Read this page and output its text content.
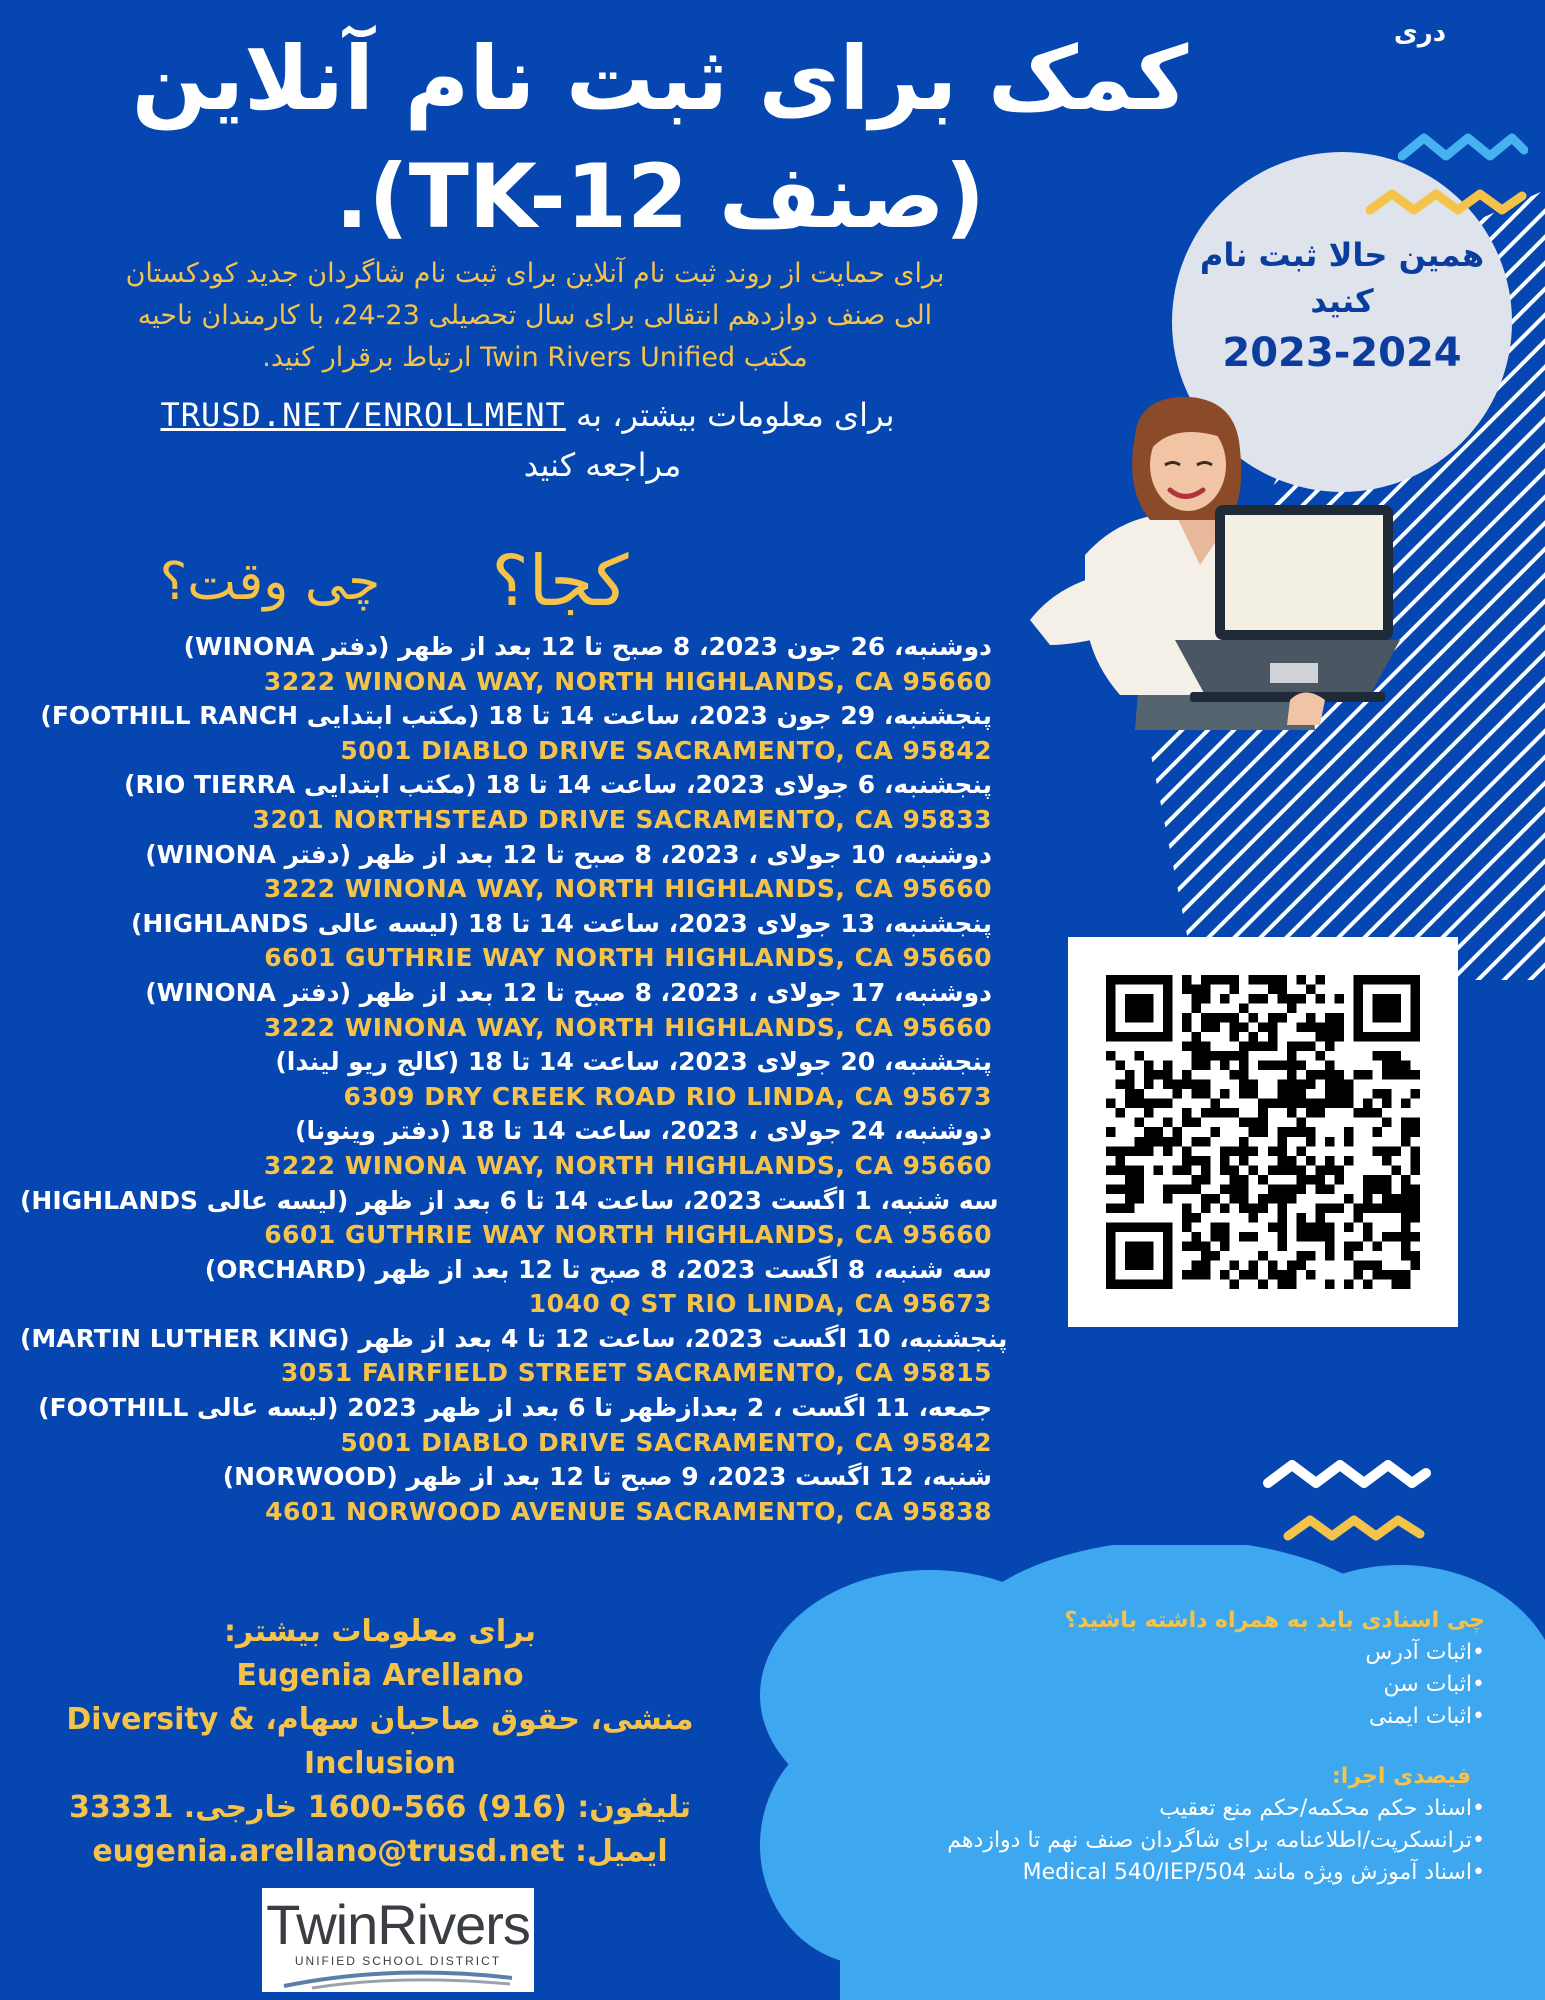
همین حالا ثبت نام
کنید
2023-2024
دری
کمک برای ثبت نام آنلاین
(صنف TK-12).
برای حمایت از روند ثبت نام آنلاین برای ثبت نام شاگردان جدید کودکستان
الی صنف دوازدهم انتقالی برای سال تحصیلی 23-24، با کارمندان ناحیه
مکتب Twin Rivers Unified ارتباط برقرار کنید.
برای معلومات بیشتر، به TRUSD.NET/ENROLLMENT
مراجعه کنید
کجا؟
چی وقت؟
دوشنبه، 26 جون 2023، 8 صبح تا 12 بعد از ظهر (دفتر WINONA)
3222 WINONA WAY, NORTH HIGHLANDS, CA 95660
(FOOTHILL RANCH مکتب ابتدایی) پنجشنبه، 29 جون 2023، ساعت 14 تا 18
5001 DIABLO DRIVE SACRAMENTO, CA 95842
(RIO TIERRA مکتب ابتدایی) پنجشنبه، 6 جولای 2023، ساعت 14 تا 18
3201 NORTHSTEAD DRIVE SACRAMENTO, CA 95833
(WINONA دفتر) دوشنبه، 10 جولای ، 2023، 8 صبح تا 12 بعد از ظهر
3222 WINONA WAY, NORTH HIGHLANDS, CA 95660
(HIGHLANDS لیسه عالی) پنجشنبه، 13 جولای 2023، ساعت 14 تا 18
6601 GUTHRIE WAY NORTH HIGHLANDS, CA 95660
(WINONA دفتر) دوشنبه، 17 جولای ، 2023، 8 صبح تا 12 بعد از ظهر
3222 WINONA WAY, NORTH HIGHLANDS, CA 95660
پنجشنبه، 20 جولای 2023، ساعت 14 تا 18 (کالج ریو لیندا)
6309 DRY CREEK ROAD RIO LINDA, CA 95673
دوشنبه، 24 جولای ، 2023، ساعت 14 تا 18 (دفتر وینونا)
3222 WINONA WAY, NORTH HIGHLANDS, CA 95660
(HIGHLANDS لیسه عالی) سه شنبه، 1 اگست 2023، ساعت 14 تا 6 بعد از ظهر
6601 GUTHRIE WAY NORTH HIGHLANDS, CA 95660
(ORCHARD) سه شنبه، 8 اگست 2023، 8 صبح تا 12 بعد از ظهر
1040 Q ST RIO LINDA, CA 95673
(MARTIN LUTHER KING) پنجشنبه، 10 اگست 2023، ساعت 12 تا 4 بعد از ظهر
3051 FAIRFIELD STREET SACRAMENTO, CA 95815
(FOOTHILL لیسه عالی) جمعه، 11 اگست ، 2 بعدازظهر تا 6 بعد از ظهر 2023
5001 DIABLO DRIVE SACRAMENTO, CA 95842
(NORWOOD) شنبه، 12 اگست 2023، 9 صبح تا 12 بعد از ظهر
4601 NORWOOD AVENUE SACRAMENTO, CA 95838
چی اسنادی باید به همراه داشته باشید؟
•اثبات آدرس
•اثبات سن
•اثبات ایمنی
فیصدی اجرا:
•اسناد حکم محکمه/حکم منع تعقیب
•ترانسکرپت/اطلاعنامه برای شاگردان صنف نهم تا دوازدهم
•اسناد آموزش ویژه مانند Medical 540/IEP/504
برای معلومات بیشتر:
Eugenia Arellano
منشی، حقوق صاحبان سهام، & Diversity
Inclusion
تلیفون: (916) 566-1600 خارجی. 33331
ایمیل: eugenia.arellano@trusd.net
TwinRivers
UNIFIED SCHOOL DISTRICT
